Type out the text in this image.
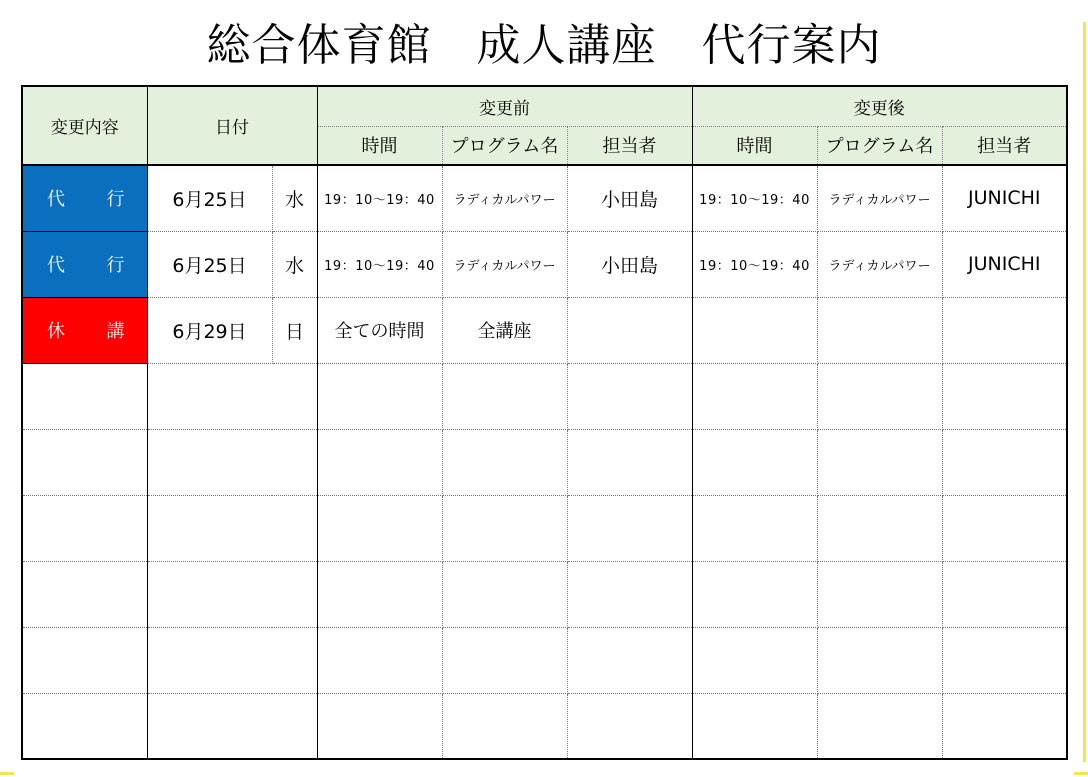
総合体育館　成人講座　代行案内
変更内容	日付		変更前			変更後		
			時間	プログラム名	担当者	時間	プログラム名	担当者

代 行	6月25日	水	19：10～19：40	ラディカルパワー	小田島	19：10～19：40	ラディカルパワー	JUNICHI

代 行	6月25日	水	19：10～19：40	ラディカルパワー	小田島	19：10～19：40	ラディカルパワー	JUNICHI

休 講	6月29日	日	全ての時間	全講座				
